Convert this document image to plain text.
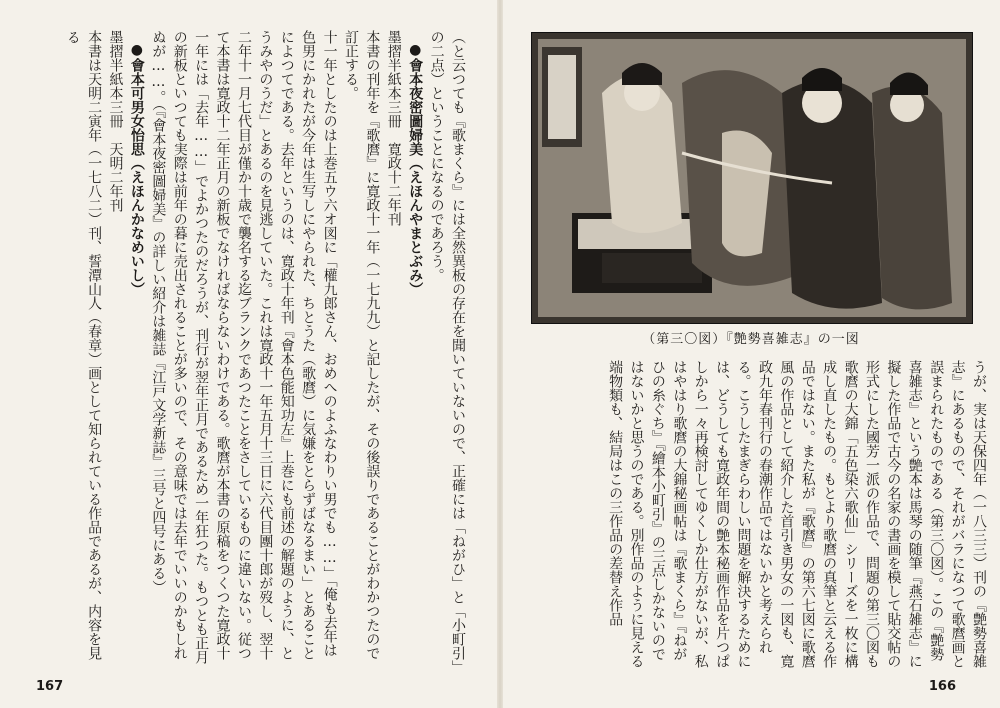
（と云つても『歌まくら』には全然異板の存在を聞いていないので、正確には「ねがひ」と「小町引」の二点）ということになるのであろう。

●會本夜密圖婦美（えほんやまとぶみ）

墨摺半紙本三冊　寛政十二年刊

本書の刊年を『歌麿』に寛政十一年（一七九九）と記したが、その後誤りであることがわかつたので訂正する。

十一年としたのは上巻五ウ六オ図に「權九郎さん、おめへのよふなわりい男でも……」「俺も去年は色男にかれたが今年は生写しにやられた、ちとうた（歌麿）に気嫌をとらずばなるまい」とあることによつてである。去年というのは、寛政十年刊『會本色能知功左』上巻にも前述の解題のように、とうみやのうだ」とあるのを見逃していた。これは寛政十一年五月十三日に六代目團十郎が歿し、翌十二年十一月七代目が僅か十歳で襲名する迄ブランクであつたことをさしているものに違いない。従つて本書は寛政十二年正月の新板でなければならないわけである。歌麿が本書の原稿をつくつた寛政十一年には「去年……」でよかつたのだろうが、刊行が翌年正月であるため一年狂つた。もつとも正月の新板といつても実際は前年の暮に売出されることが多いので、その意味では去年でいいのかもしれぬが……。（『會本夜密圖婦美』の詳しい紹介は雑誌『江戸文学新誌』三号と四号にある）

●會本可男女怡思（えほんかなめいし）

墨摺半紙本三冊　天明二年刊

本書は天明二寅年（一七八二）刊、誓潭山人（春章）画として知られている作品であるが、内容を見る

167
（第三〇図）『艶勢喜雑志』の一図

うが、実は天保四年（一八三三）刊の『艶勢喜雑志』にあるもので、それがバラになつて歌麿画と誤まられたものである（第三〇図）。この『艶勢喜雑志』という艶本は馬琴の随筆『燕石雑志』に擬した作品で古今の名家の書画を模して貼交帖の形式にした國芳一派の作品で、問題の第三〇図も歌麿の大錦「五色染六歌仙」シリーズを一枚に構成し直したもの。もとより歌麿の真筆と云える作品ではない。また私が『歌麿』の第六七図に歌麿風の作品として紹介した首引き男女の一図も、寛政九年春刊行の春潮作品ではないかと考えられる。こうしたまぎらわしい問題を解決するためには、どうしても寛政年間の艶本秘画作品を片つぱしから一々再検討してゆくしか仕方がないが、私はやはり歌麿の大錦秘画帖は『歌まくら』『ねがひの糸ぐち』『繪本小町引』の三点しかないのではないかと思うのである。別作品のように見える端物類も、結局はこの三作品の差替え作品

166
